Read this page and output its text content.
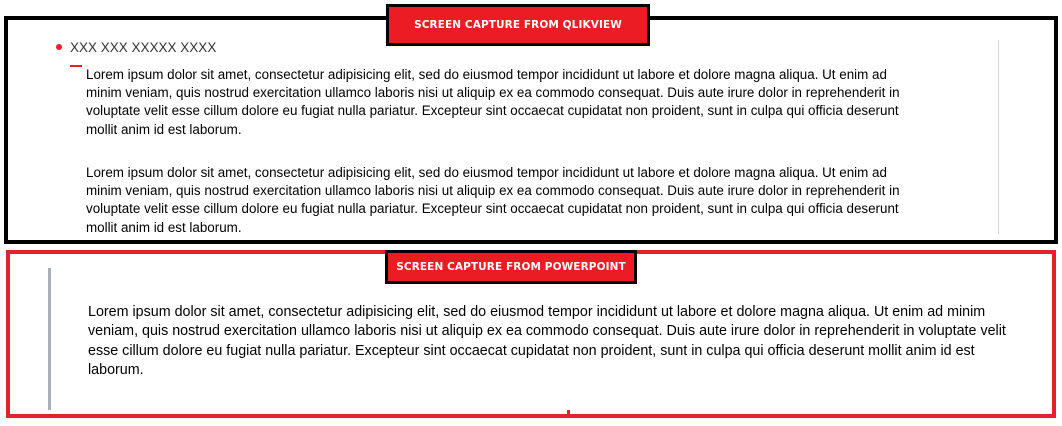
XXX XXX XXXXX XXXX

Lorem ipsum dolor sit amet, consectetur adipisicing elit, sed do eiusmod tempor incididunt ut labore et dolore magna aliqua. Ut enim ad minim veniam, quis nostrud exercitation ullamco laboris nisi ut aliquip ex ea commodo consequat. Duis aute irure dolor in reprehenderit in voluptate velit esse cillum dolore eu fugiat nulla pariatur. Excepteur sint occaecat cupidatat non proident, sunt in culpa qui officia deserunt mollit anim id est laborum.

Lorem ipsum dolor sit amet, consectetur adipisicing elit, sed do eiusmod tempor incididunt ut labore et dolore magna aliqua. Ut enim ad minim veniam, quis nostrud exercitation ullamco laboris nisi ut aliquip ex ea commodo consequat. Duis aute irure dolor in reprehenderit in voluptate velit esse cillum dolore eu fugiat nulla pariatur. Excepteur sint occaecat cupidatat non proident, sunt in culpa qui officia deserunt mollit anim id est laborum.

SCREEN CAPTURE FROM QLIKVIEW

Lorem ipsum dolor sit amet, consectetur adipisicing elit, sed do eiusmod tempor incididunt ut labore et dolore magna aliqua. Ut enim ad minim veniam, quis nostrud exercitation ullamco laboris nisi ut aliquip ex ea commodo consequat. Duis aute irure dolor in reprehenderit in voluptate velit esse cillum dolore eu fugiat nulla pariatur. Excepteur sint occaecat cupidatat non proident, sunt in culpa qui officia deserunt mollit anim id est laborum.

SCREEN CAPTURE FROM POWERPOINT
